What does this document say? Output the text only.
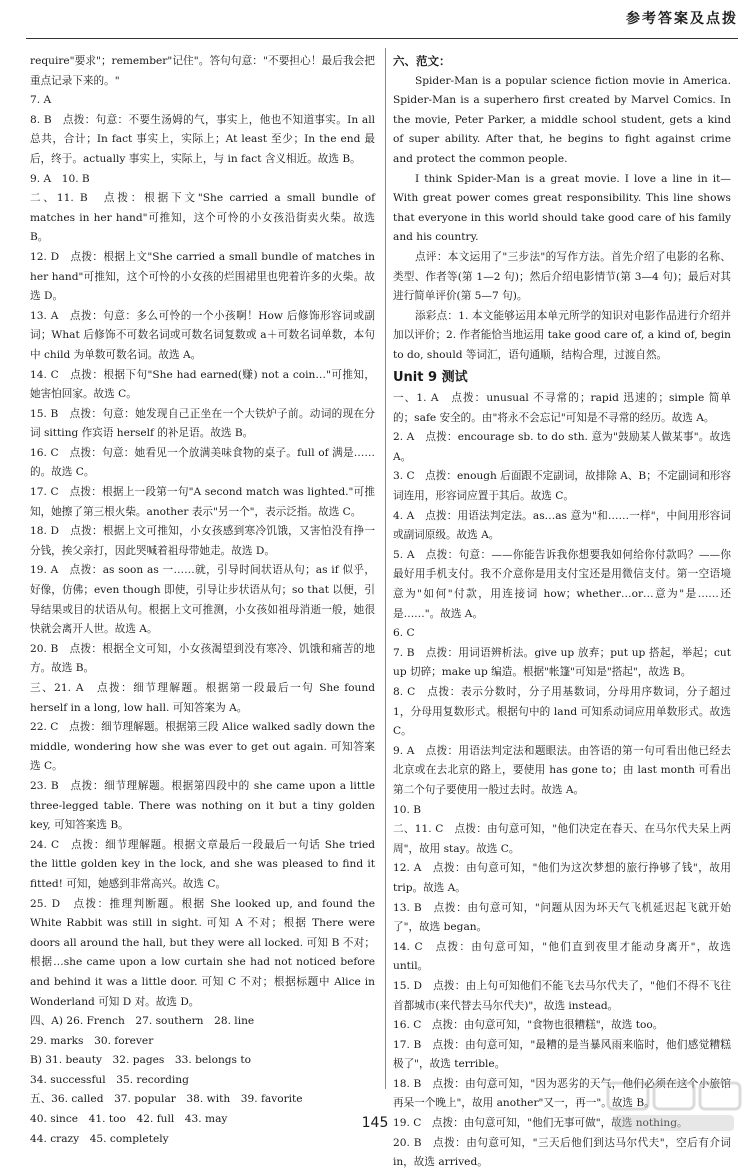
参考答案及点拨

require"要求"；remember"记住"。答句句意："不要担心！最后我会把重点记录下来的。"

7. A

8. B　点拨：句意：不要生汤姆的气，事实上，他也不知道事实。In all 总共，合计；In fact 事实上，实际上；At least 至少；In the end 最后，终于。actually 事实上，实际上，与 in fact 含义相近。故选 B。

9. A　10. B

二、11. B　点拨：根据下文"She carried a small bundle of matches in her hand"可推知，这个可怜的小女孩沿街卖火柴。故选 B。

12. D　点拨：根据上文"She carried a small bundle of matches in her hand"可推知，这个可怜的小女孩的烂围裙里也兜着许多的火柴。故选 D。

13. A　点拨：句意：多么可怜的一个小孩啊！How 后修饰形容词或副词；What 后修饰不可数名词或可数名词复数或 a＋可数名词单数，本句中 child 为单数可数名词。故选 A。

14. C　点拨：根据下句"She had earned(赚) not a coin…"可推知，她害怕回家。故选 C。

15. B　点拨：句意：她发现自己正坐在一个大铁炉子前。动词的现在分词 sitting 作宾语 herself 的补足语。故选 B。

16. C　点拨：句意：她看见一个放满美味食物的桌子。full of 满是……的。故选 C。

17. C　点拨：根据上一段第一句"A second match was lighted."可推知，她擦了第三根火柴。another 表示"另一个"，表示泛指。故选 C。

18. D　点拨：根据上文可推知，小女孩感到寒冷饥饿，又害怕没有挣一分钱，挨父亲打，因此哭喊着祖母带她走。故选 D。

19. A　点拨：as soon as 一……就，引导时间状语从句；as if 似乎，好像，仿佛；even though 即使，引导让步状语从句；so that 以便，引导结果或目的状语从句。根据上文可推测，小女孩如祖母消逝一般，她很快就会离开人世。故选 A。

20. B　点拨：根据全文可知，小女孩渴望到没有寒冷、饥饿和痛苦的地方。故选 B。

三、21. A　点拨：细节理解题。根据第一段最后一句 She found herself in a long, low hall. 可知答案为 A。

22. C　点拨：细节理解题。根据第三段 Alice walked sadly down the middle, wondering how she was ever to get out again. 可知答案选 C。

23. B　点拨：细节理解题。根据第四段中的 she came upon a little three-legged table. There was nothing on it but a tiny golden key, 可知答案选 B。

24. C　点拨：细节理解题。根据文章最后一段最后一句话 She tried the little golden key in the lock, and she was pleased to find it fitted! 可知，她感到非常高兴。故选 C。

25. D　点拨：推理判断题。根据 She looked up, and found the White Rabbit was still in sight. 可知 A 不对；根据 There were doors all around the hall, but they were all locked. 可知 B 不对；根据…she came upon a low curtain she had not noticed before and behind it was a little door. 可知 C 不对；根据标题中 Alice in Wonderland 可知 D 对。故选 D。

四、A) 26. French　27. southern　28. line

29. marks　30. forever

B) 31. beauty　32. pages　33. belongs to

34. successful　35. recording

五、36. called　37. popular　38. with　39. favorite

40. since　41. too　42. full　43. may

44. crazy　45. completely

六、范文：

Spider-Man is a popular science fiction movie in America. Spider-Man is a superhero first created by Marvel Comics. In the movie, Peter Parker, a middle school student, gets a kind of super ability. After that, he begins to fight against crime and protect the common people.

I think Spider-Man is a great movie. I love a line in it—With great power comes great responsibility. This line shows that everyone in this world should take good care of his family and his country.

点评：本文运用了"三步法"的写作方法。首先介绍了电影的名称、类型、作者等(第 1—2 句)；然后介绍电影情节(第 3—4 句)；最后对其进行简单评价(第 5—7 句)。

添彩点：1. 本文能够运用本单元所学的知识对电影作品进行介绍并加以评价；2. 作者能恰当地运用 take good care of, a kind of, begin to do, should 等词汇，语句通顺，结构合理，过渡自然。

Unit 9 测试

一、1. A　点拨：unusual 不寻常的；rapid 迅速的；simple 简单的；safe 安全的。由"将永不会忘记"可知是不寻常的经历。故选 A。

2. A　点拨：encourage sb. to do sth. 意为"鼓励某人做某事"。故选 A。

3. C　点拨：enough 后面跟不定副词，故排除 A、B；不定副词和形容词连用，形容词应置于其后。故选 C。

4. A　点拨：用语法判定法。as…as 意为"和……一样"，中间用形容词或副词原级。故选 A。

5. A　点拨：句意：——你能告诉我你想要我如何给你付款吗？——你最好用手机支付。我不介意你是用支付宝还是用微信支付。第一空语境意为"如何"付款，用连接词 how；whether…or…意为"是……还是……"。故选 A。

6. C

7. B　点拨：用词语辨析法。give up 放弃；put up 搭起，举起；cut up 切碎；make up 编造。根据"帐篷"可知是"搭起"，故选 B。

8. C　点拨：表示分数时，分子用基数词，分母用序数词，分子超过 1，分母用复数形式。根据句中的 land 可知系动词应用单数形式。故选 C。

9. A　点拨：用语法判定法和题眼法。由答语的第一句可看出他已经去北京或在去北京的路上，要使用 has gone to；由 last month 可看出第二个句子要使用一般过去时。故选 A。

10. B

二、11. C　点拨：由句意可知，"他们决定在春天、在马尔代夫呆上两周"，故用 stay。故选 C。

12. A　点拨：由句意可知，"他们为这次梦想的旅行挣够了钱"，故用 trip。故选 A。

13. B　点拨：由句意可知，"问题从因为坏天气飞机延迟起飞就开始了"，故选 began。

14. C　点拨：由句意可知，"他们直到夜里才能动身离开"，故选 until。

15. D　点拨：由上句可知他们不能飞去马尔代夫了，"他们不得不飞往首都城市(来代替去马尔代夫)"，故选 instead。

16. C　点拨：由句意可知，"食物也很糟糕"，故选 too。

17. B　点拨：由句意可知，"最糟的是当暴风雨来临时，他们感觉糟糕极了"，故选 terrible。

18. B　点拨：由句意可知，"因为恶劣的天气，他们必须在这个小旅馆再呆一个晚上"，故用 another"又一，再一"。故选 B。

19. C　点拨：由句意可知，"他们无事可做"，故选 nothing。

20. B　点拨：由句意可知，"三天后他们到达马尔代夫"，空后有介词 in，故选 arrived。

145
